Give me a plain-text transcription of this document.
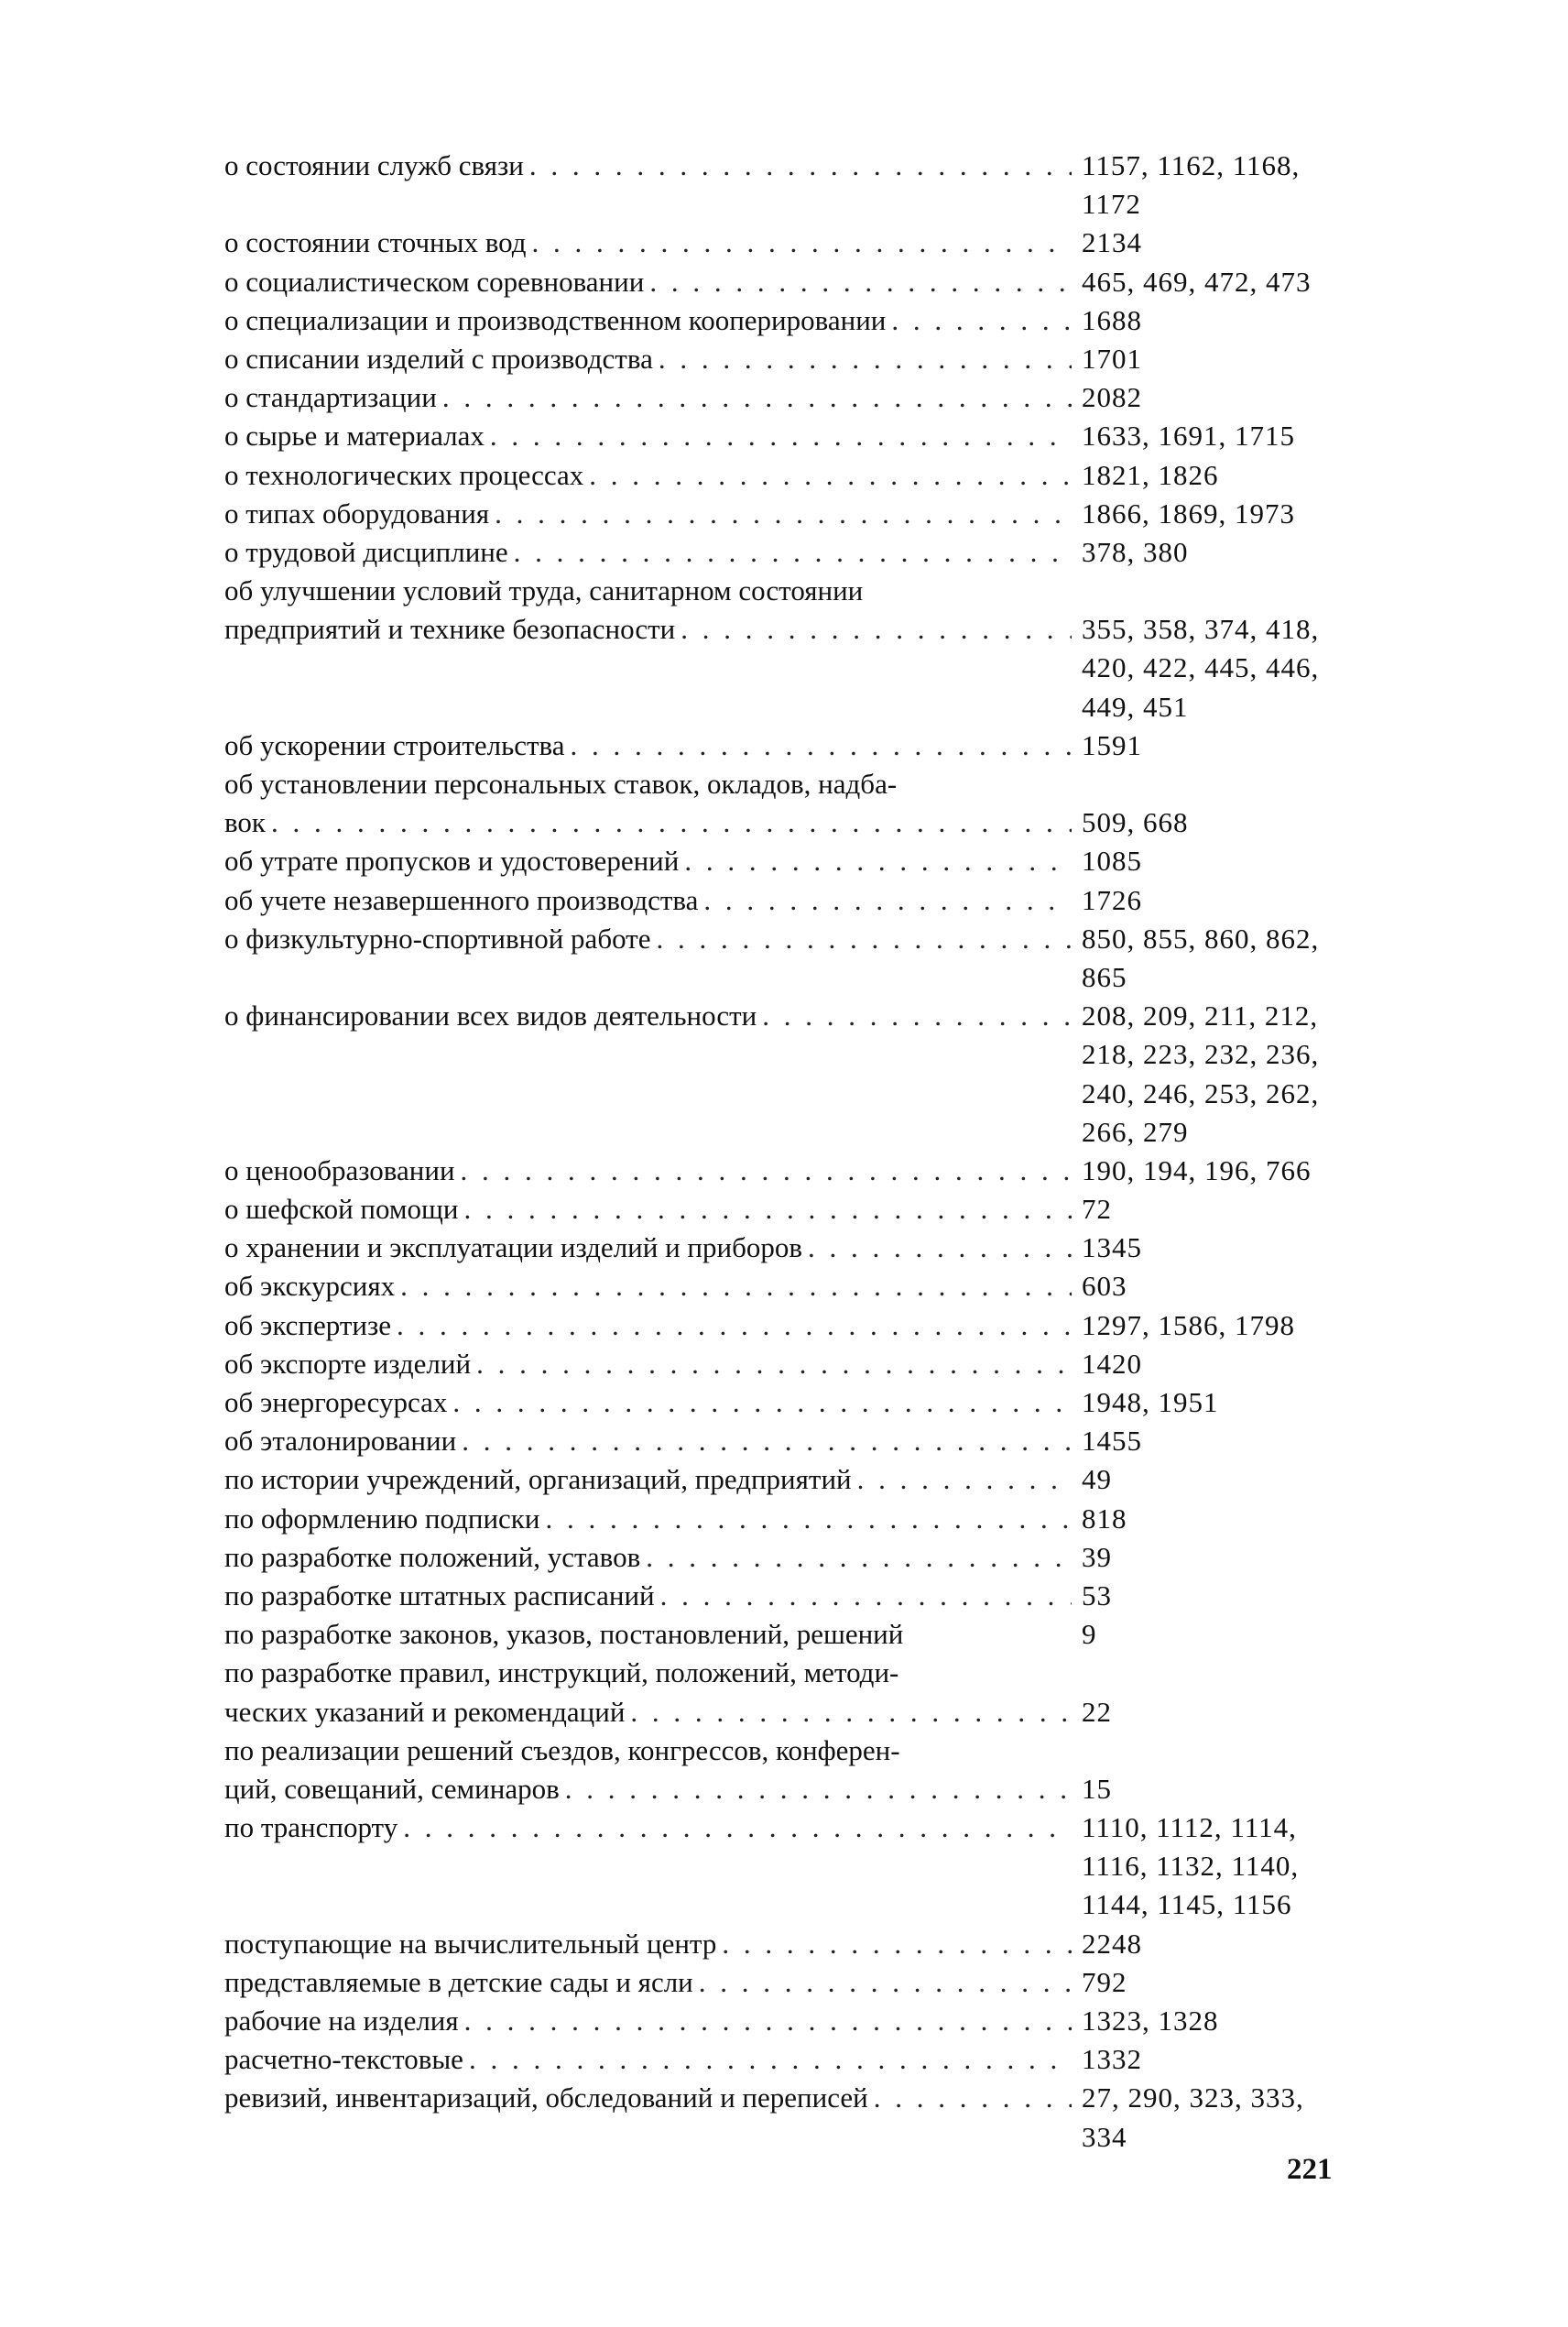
о состоянии служб связи . . .	1157, 1162, 1168,
1172
о состоянии сточных вод . . .	2134
о социалистическом соревновании . . .	465, 469, 472, 473
о специализации и производственном кооперировании . . .	1688
о списании изделий с производства . . .	1701
о стандартизации . . .	2082
о сырье и материалах . . .	1633, 1691, 1715
о технологических процессах . . .	1821, 1826
о типах оборудования . . .	1866, 1869, 1973
о трудовой дисциплине . . .	378, 380
об улучшении условий труда, санитарном состоянии
предприятий и технике безопасности . . .	355, 358, 374, 418,
420, 422, 445, 446,
449, 451
об ускорении строительства . . .	1591
об установлении персональных ставок, окладов, надба-
вок . . .	509, 668
об утрате пропусков и удостоверений . . .	1085
об учете незавершенного производства . . .	1726
о физкультурно-спортивной работе . . .	850, 855, 860, 862,
865
о финансировании всех видов деятельности . . .	208, 209, 211, 212,
218, 223, 232, 236,
240, 246, 253, 262,
266, 279
о ценообразовании . . .	190, 194, 196, 766
о шефской помощи . . .	72
о хранении и эксплуатации изделий и приборов . . .	1345
об экскурсиях . . .	603
об экспертизе . . .	1297, 1586, 1798
об экспорте изделий . . .	1420
об энергоресурсах . . .	1948, 1951
об эталонировании . . .	1455
по истории учреждений, организаций, предприятий . . .	49
по оформлению подписки . . .	818
по разработке положений, уставов . . .	39
по разработке штатных расписаний . . .	53
по разработке законов, указов, постановлений, решений	9
по разработке правил, инструкций, положений, методи-
ческих указаний и рекомендаций . . .	22
по реализации решений съездов, конгрессов, конферен-
ций, совещаний, семинаров . . .	15
по транспорту . . .	1110, 1112, 1114,
1116, 1132, 1140,
1144, 1145, 1156
поступающие на вычислительный центр . . .	2248
представляемые в детские сады и ясли . . .	792
рабочие на изделия . . .	1323, 1328
расчетно-текстовые . . .	1332
ревизий, инвентаризаций, обследований и переписей . . .	27, 290, 323, 333,
334
221
